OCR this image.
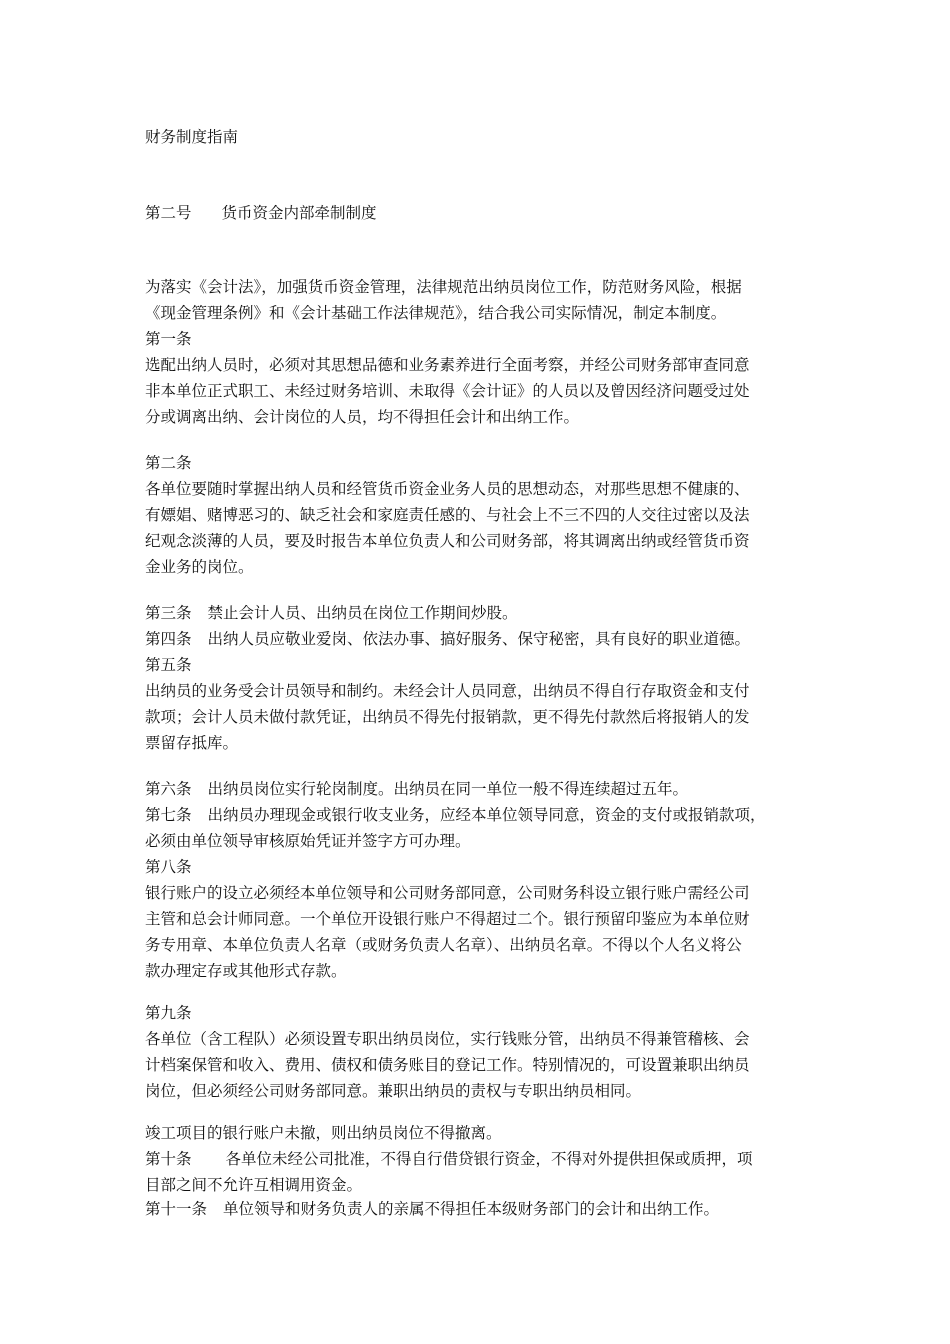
财务制度指南
第二号 货币资金内部牵制制度
为落实《会计法》，加强货币资金管理，法律规范出纳员岗位工作，防范财务风险，根据
《现金管理条例》和《会计基础工作法律规范》，结合我公司实际情况，制定本制度。
第一条
选配出纳人员时，必须对其思想品德和业务素养进行全面考察，并经公司财务部审查同意
非本单位正式职工、未经过财务培训、未取得《会计证》的人员以及曾因经济问题受过处
分或调离出纳、会计岗位的人员，均不得担任会计和出纳工作。
第二条
各单位要随时掌握出纳人员和经管货币资金业务人员的思想动态，对那些思想不健康的、
有嫖娼、赌博恶习的、缺乏社会和家庭责任感的、与社会上不三不四的人交往过密以及法
纪观念淡薄的人员，要及时报告本单位负责人和公司财务部，将其调离出纳或经管货币资
金业务的岗位。
第三条 禁止会计人员、出纳员在岗位工作期间炒股。
第四条 出纳人员应敬业爱岗、依法办事、搞好服务、保守秘密，具有良好的职业道德。
第五条
出纳员的业务受会计员领导和制约。未经会计人员同意，出纳员不得自行存取资金和支付
款项；会计人员未做付款凭证，出纳员不得先付报销款，更不得先付款然后将报销人的发
票留存抵库。
第六条 出纳员岗位实行轮岗制度。出纳员在同一单位一般不得连续超过五年。
第七条 出纳员办理现金或银行收支业务，应经本单位领导同意，资金的支付或报销款项，
必须由单位领导审核原始凭证并签字方可办理。
第八条
银行账户的设立必须经本单位领导和公司财务部同意，公司财务科设立银行账户需经公司
主管和总会计师同意。一个单位开设银行账户不得超过二个。银行预留印鉴应为本单位财
务专用章、本单位负责人名章（或财务负责人名章）、出纳员名章。不得以个人名义将公
款办理定存或其他形式存款。
第九条
各单位（含工程队）必须设置专职出纳员岗位，实行钱账分管，出纳员不得兼管稽核、会
计档案保管和收入、费用、债权和债务账目的登记工作。特别情况的，可设置兼职出纳员
岗位，但必须经公司财务部同意。兼职出纳员的责权与专职出纳员相同。
竣工项目的银行账户未撤，则出纳员岗位不得撤离。
第十条 各单位未经公司批准，不得自行借贷银行资金，不得对外提供担保或质押，项
目部之间不允许互相调用资金。
第十一条 单位领导和财务负责人的亲属不得担任本级财务部门的会计和出纳工作。
